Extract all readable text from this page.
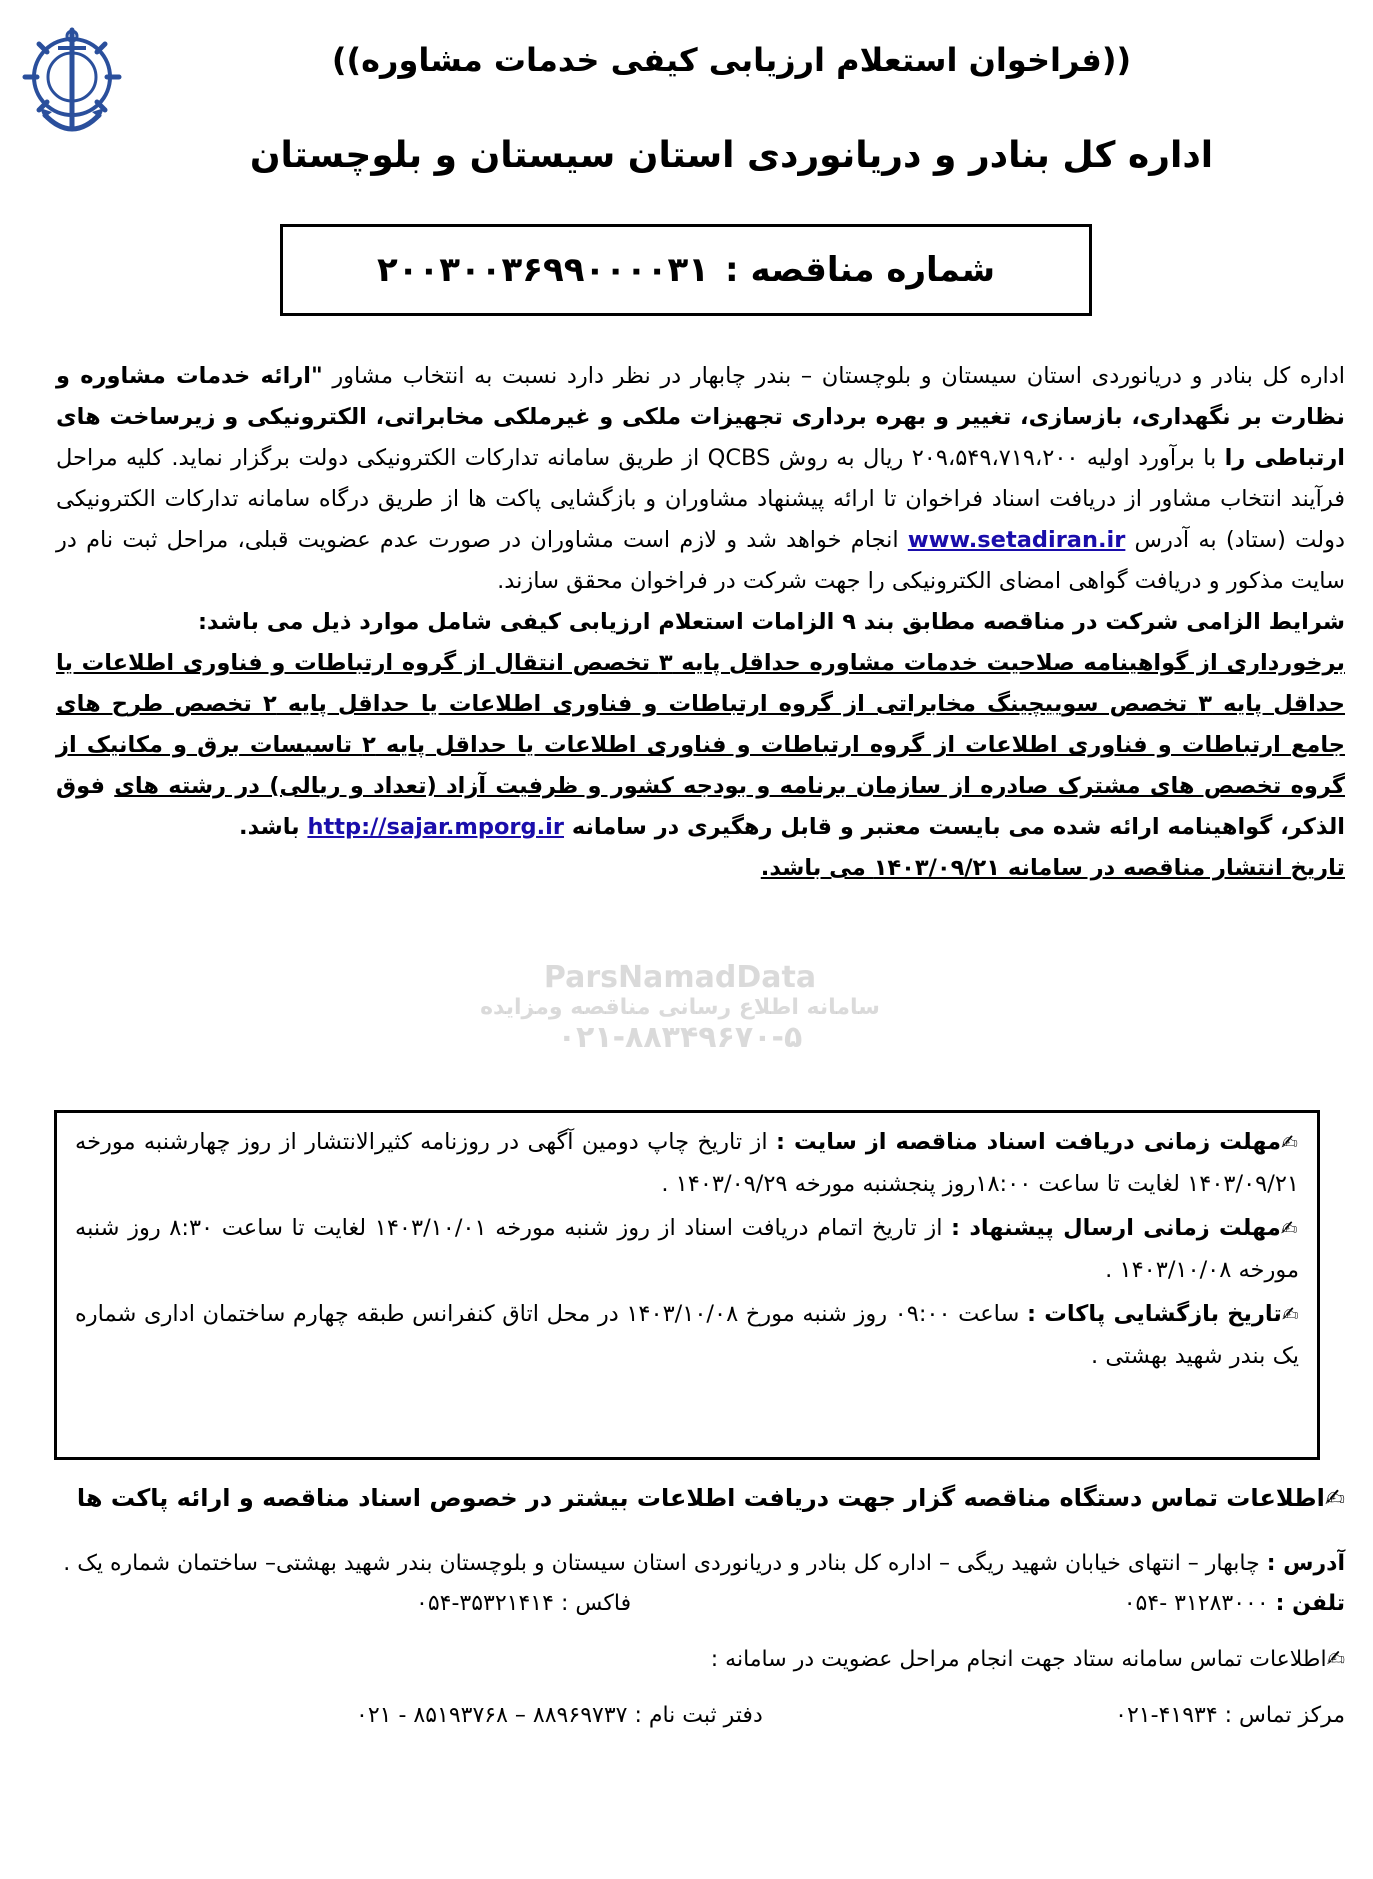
((فراخوان استعلام ارزیابی کیفی خدمات مشاوره))
اداره کل بنادر و دریانوردی استان سیستان و بلوچستان
شماره مناقصه :
۲۰۰۳۰۰۳۶۹۹۰۰۰۰۳۱

اداره کل بنادر و دریانوردی استان سیستان و بلوچستان – بندر چابهار در نظر دارد نسبت به انتخاب مشاور "ارائه خدمات مشاوره و نظارت بر نگهداری، بازسازی، تغییر و بهره برداری تجهیزات ملکی و غیرملکی مخابراتی، الکترونیکی و زیرساخت های ارتباطی را با برآورد اولیه ۲۰۹،۵۴۹،۷۱۹،۲۰۰ ریال به روش QCBS از طریق سامانه تدارکات الکترونیکی دولت برگزار نماید. کلیه مراحل فرآیند انتخاب مشاور از دریافت اسناد فراخوان تا ارائه پیشنهاد مشاوران و بازگشایی پاکت ها از طریق درگاه سامانه تدارکات الکترونیکی دولت (ستاد) به آدرس www.setadiran.ir انجام خواهد شد و لازم است مشاوران در صورت عدم عضویت قبلی، مراحل ثبت نام در سایت مذکور و دریافت گواهی امضای الکترونیکی را جهت شرکت در فراخوان محقق سازند.

شرایط الزامی شرکت در مناقصه مطابق بند ۹ الزامات استعلام ارزیابی کیفی شامل موارد ذیل می باشد:

برخورداری از گواهینامه صلاحیت خدمات مشاوره حداقل پایه ۳ تخصص انتقال از گروه ارتباطات و فناوری اطلاعات یا حداقل پایه ۳ تخصص سوییچینگ مخابراتی از گروه ارتباطات و فناوری اطلاعات یا حداقل پایه ۲ تخصص طرح های جامع ارتباطات و فناوری اطلاعات از گروه ارتباطات و فناوری اطلاعات یا حداقل پایه ۲ تاسیسات برق و مکانیک از گروه تخصص های مشترک صادره از سازمان برنامه و بودجه کشور و ظرفیت آزاد (تعداد و ریالی) در رشته های فوق الذکر، گواهینامه ارائه شده می بایست معتبر و قابل رهگیری در سامانه http://sajar.mporg.ir باشد.

تاریخ انتشار مناقصه در سامانه ۱۴۰۳/۰۹/۲۱ می باشد.

ParsNamadData
سامانه اطلاع رسانی مناقصه ومزایده
۰۲۱-۸۸۳۴۹۶۷۰-۵

✍مهلت زمانی دریافت اسناد مناقصه از سایت : از تاریخ چاپ دومین آگهی در روزنامه کثیرالانتشار از روز چهارشنبه مورخه ۱۴۰۳/۰۹/۲۱ لغایت تا ساعت ۱۸:۰۰روز پنجشنبه مورخه ۱۴۰۳/۰۹/۲۹ .

✍مهلت زمانی ارسال پیشنهاد : از تاریخ اتمام دریافت اسناد از روز شنبه مورخه ۱۴۰۳/۱۰/۰۱ لغایت تا ساعت ۸:۳۰ روز شنبه مورخه ۱۴۰۳/۱۰/۰۸ .

✍تاریخ بازگشایی پاکات : ساعت ۰۹:۰۰ روز شنبه مورخ ۱۴۰۳/۱۰/۰۸ در محل اتاق کنفرانس طبقه چهارم ساختمان اداری شماره یک بندر شهید بهشتی .

✍اطلاعات تماس دستگاه مناقصه گزار جهت دریافت اطلاعات بیشتر در خصوص اسناد مناقصه و ارائه پاکت ها

آدرس : چابهار – انتهای خیابان شهید ریگی – اداره کل بنادر و دریانوردی استان سیستان و بلوچستان بندر شهید بهشتی– ساختمان شماره یک .

تلفن : ۳۱۲۸۳۰۰۰ -۰۵۴
فاکس : ۳۵۳۲۱۴۱۴-۰۵۴

✍اطلاعات تماس سامانه ستاد جهت انجام مراحل عضویت در سامانه :

مرکز تماس : ۴۱۹۳۴-۰۲۱
دفتر ثبت نام : ۸۸۹۶۹۷۳۷ – ۸۵۱۹۳۷۶۸ - ۰۲۱
